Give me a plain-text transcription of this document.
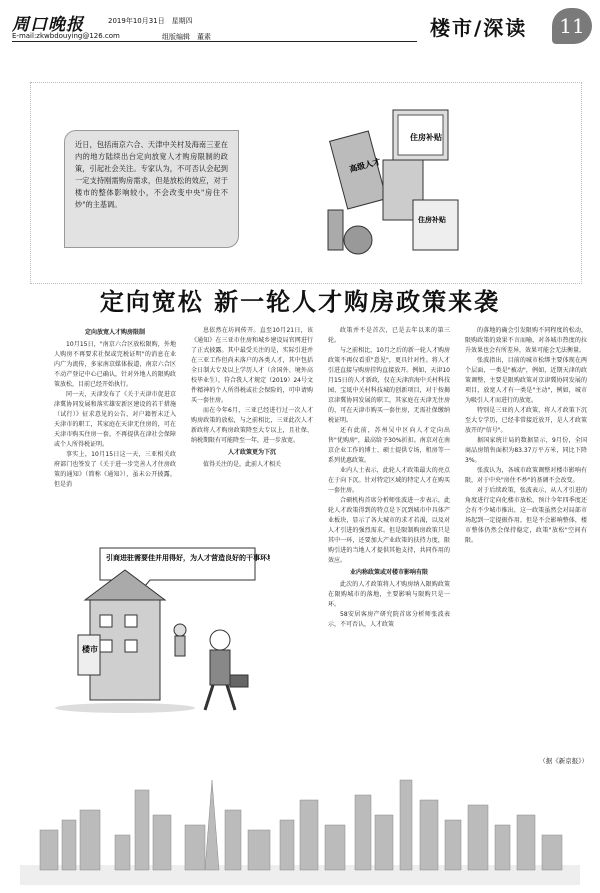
周口晚报	2019年10月31日　星期四
E-mail:zkwbdouying@126.com	组版编辑　董素	楼市/深读	11
近日，包括南京六合、天津中关村及海南三亚在内的地方陆续出台定向放宽人才购房限制的政策，引起社会关注。专家认为，不可否认会起到一定支持刚需购房需求，但是放松的效应，对于楼市的整体影响较小，不会改变中央"房住不炒"的主基调。
住房补贴
高级人才
住房补贴
定向宽松 新一轮人才购房政策来袭

定向放宽人才购房限制

10月15日，"南京六合区放松限购，外地人购房不再要求社保或完税证明"的消息在业内广为流传，多家南京媒体报道，南京六合区不动产登记中心已确认，针对外地人的限购政策放松，目前已经开始执行。

同一天，天津发布了《关于天津市促进京津冀协同发展和落实雄安新区建设的若干措施（试行）》征求意见的公告，对户籍暂未迁入天津市的职工，其家庭在天津无住房的，可在天津市购买住房一套，不再提供在津社会保障或个人所得税证明。

事实上，10月15日这一天，三亚相关政府部门也签发了《关于进一步完善人才住房政策的通知》（简称《通知》），虽未公开披露，但是消

息依然在坊间传开。直至10月21日，该《通知》在三亚市住房和城乡建设局官网进行了正式披露。其中最受关注的是，实际引进并在三亚工作但尚未落户的各类人才，其中包括全日制大专及以上学历人才（含国外、境外高校毕业生），符合我人才规定（2019）24号文件精神的个人所得税或社会保险的，可申请购买一套住房。

而在今年6月，三亚已经进行过一次人才购房政策的放松，与之前相比，三亚此次人才新政将人才购房政策降至大专以上，且社保、纳税期限有可能降至一年，进一步放宽。

人才政策更为下沉

值得关注的是，此前人才相关

政策并不是首次，已是去年以来的第三轮。

与之前相比，10月之后的新一轮人才购房政策不再仅看重"意见"，更具针对性。将人才引进直接与购房挂钩直接放开。例如，天津10月15日的人才新政，仅在天津滨海中关村科技园、宝坻中关村科技城的创新项目，对于按揭京津冀协同发展的职工，其家庭在天津无住房的，可在天津市购买一套住房，无需社保缴纳税证明。

还有此前，苏州吴中区向人才定向出售"优购房"，最高给予30%折扣。南京对在南京企业工作的博士、硕士提供专场，租房等一系列优惠政策。

业内人士表示，此轮人才政策最大的亮点在于向下沉。针对特定区域的特定人才在购买一套住房。

合硕机构首席分析师张波进一步表示，此轮人才政策得到的特点是下沉到城市中具体产业板块，显示了各大城市的求才若渴，以及对人才引进的强烈需求。但是限制购房政策只是其中一环，还要加大产业政策的扶持力度，限购引进的当地人才提供其他支持，共同作用的效应。

业内称政策或对楼市影响有限

此次的人才政策将人才购房纳入限购政策在限购城市的落地，主要影响与限购只是一环。

58安居客房产研究院首席分析师张波表示，不可否认，人才政策

的落地的确会引发限购不同程度的松动，限购政策的效果不言而喻，对各城市热度的拉升效果也会有所差异，效果可能会无法衡量。

张波指出，目前的城市松绑主要体现在两个层面，一类是"被动"，例如，近期天津的政策调整，主要是限购政策对京津冀协同发展的项目，放宽人才有一类是"主动"，例如，城市为吸引人才而进行的放宽。

特别是三亚的人才政策，将人才政策下沉至大专学历，已经非常接近放开，是人才政策放开的"信号"。

据国家统计局的数据显示，9月份，全国商品房销售面积为83.37万平方米，同比下降3%。

张波认为，各城市政策调整对楼市影响有限，对于中央"房住不炒"的基调不会改变。

对于后续政策，张波表示，从人才引进的角度进行定向化楼市放松，预计今年四季度还会有不少城市推出，这一政策虽然会对局部市场起到一定提振作用，但是不会影响整体，楼市整体仍然会保持稳定，政策"放松"空间有限。

（据《新京报》）
引商进驻需要佳并用得好，为人才营造良好的干事环境
楼市
